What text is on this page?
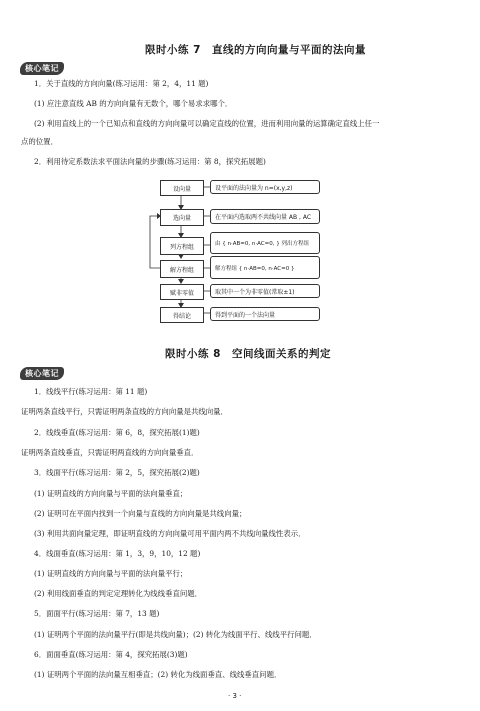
限时小练 7　直线的方向向量与平面的法向量
核心笔记
1．关于直线的方向向量(练习运用：第 2，4，11 题)
(1) 应注意直线 AB 的方向向量有无数个，哪个易求求哪个．
(2) 利用直线上的一个已知点和直线的方向向量可以确定直线的位置，进而利用向量的运算确定直线上任一
点的位置．
2．利用待定系数法求平面法向量的步骤(练习运用：第 8，探究拓展题)
设向量	设平面的法向量为 n=(x,y,z)
选向量	在平面内选取两不共线向量 AB , AC
列方程组	由 { n·AB=0, n·AC=0, } 列出方程组
解方程组	解方程组 { n·AB=0, n·AC=0 }
赋非零值	取其中一个为非零值(常取±1)
得结论	得到平面的一个法向量
限时小练 8　空间线面关系的判定
核心笔记
1．线线平行(练习运用：第 11 题)
证明两条直线平行，只需证明两条直线的方向向量是共线向量．
2．线线垂直(练习运用：第 6，8，探究拓展(1)题)
证明两条直线垂直，只需证明两直线的方向向量垂直．
3．线面平行(练习运用：第 2，5，探究拓展(2)题)
(1) 证明直线的方向向量与平面的法向量垂直；
(2) 证明可在平面内找到一个向量与直线的方向向量是共线向量；
(3) 利用共面向量定理，即证明直线的方向向量可用平面内两不共线向量线性表示．
4．线面垂直(练习运用：第 1，3，9，10，12 题)
(1) 证明直线的方向向量与平面的法向量平行；
(2) 利用线面垂直的判定定理转化为线线垂直问题．
5．面面平行(练习运用：第 7，13 题)
(1) 证明两个平面的法向量平行(即是共线向量)；(2) 转化为线面平行、线线平行问题．
6．面面垂直(练习运用：第 4，探究拓展(3)题)
(1) 证明两个平面的法向量互相垂直；(2) 转化为线面垂直、线线垂直问题．
· 3 ·
